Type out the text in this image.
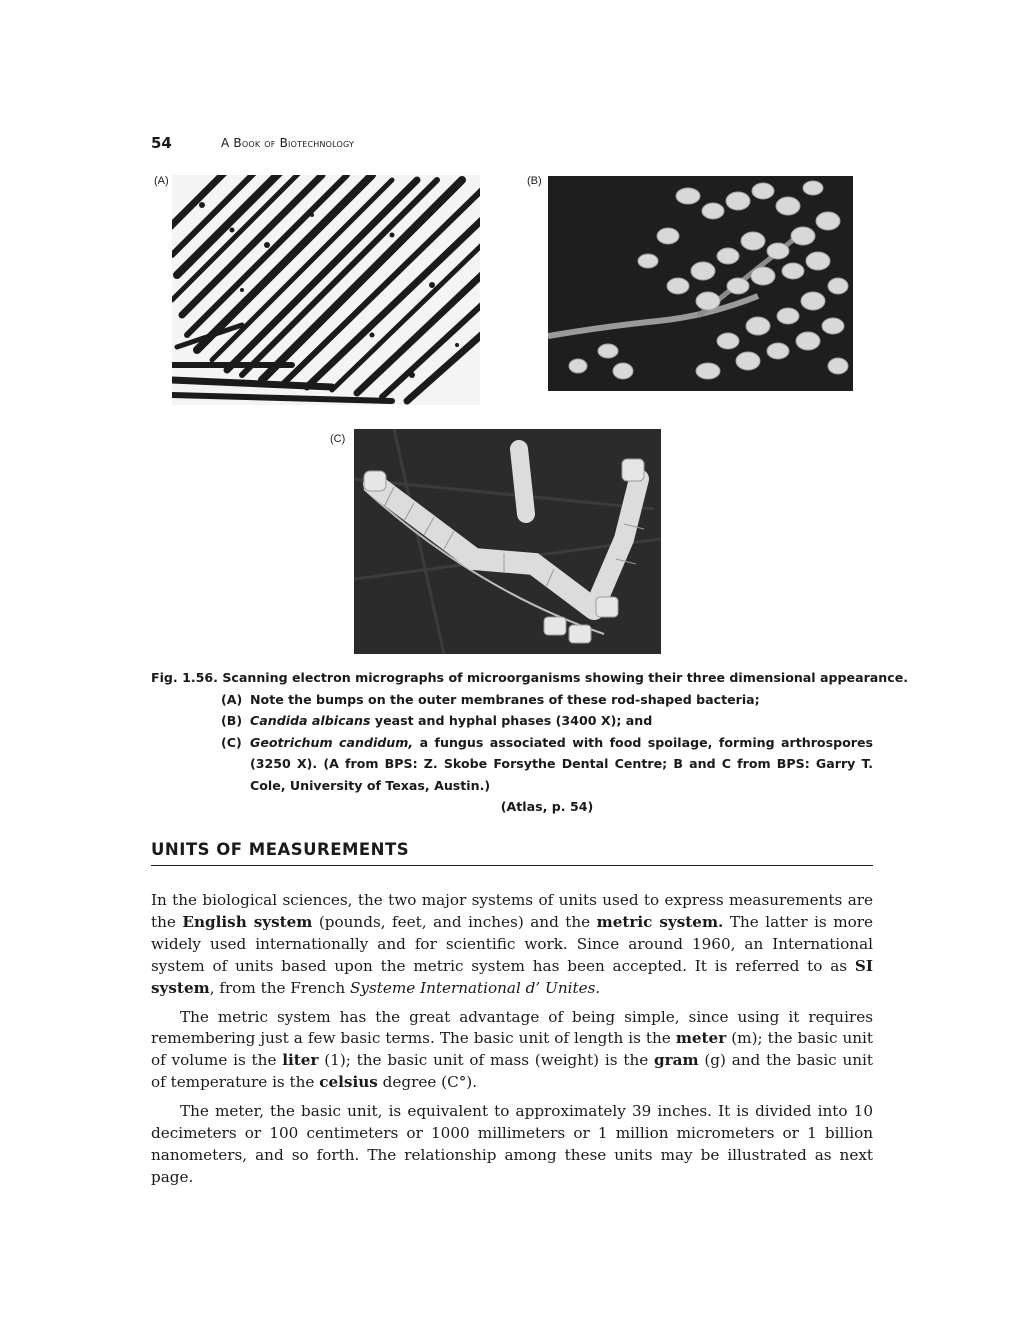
54	A Book of Biotechnology
(A)	(B)
(C)
Fig. 1.56. Scanning electron micrographs of microorganisms showing their three dimensional appearance.
(A) Note the bumps on the outer membranes of these rod-shaped bacteria;
(B) Candida albicans yeast and hyphal phases (3400 X); and
(C) Geotrichum candidum, a fungus associated with food spoilage, forming arthrospores (3250 X). (A from BPS: Z. Skobe Forsythe Dental Centre; B and C from BPS: Garry T. Cole, University of Texas, Austin.)
(Atlas, p. 54)
UNITS OF MEASUREMENTS

In the biological sciences, the two major systems of units used to express measurements are the English system (pounds, feet, and inches) and the metric system. The latter is more widely used internationally and for scientific work. Since around 1960, an International system of units based upon the metric system has been accepted. It is referred to as SI system, from the French Systeme International d’ Unites.

The metric system has the great advantage of being simple, since using it requires remembering just a few basic terms. The basic unit of length is the meter (m); the basic unit of volume is the liter (1); the basic unit of mass (weight) is the gram (g) and the basic unit of temperature is the celsius degree (C°).

The meter, the basic unit, is equivalent to approximately 39 inches. It is divided into 10 decimeters or 100 centimeters or 1000 millimeters or 1 million micrometers or 1 billion nanometers, and so forth. The relationship among these units may be illustrated as next page.
